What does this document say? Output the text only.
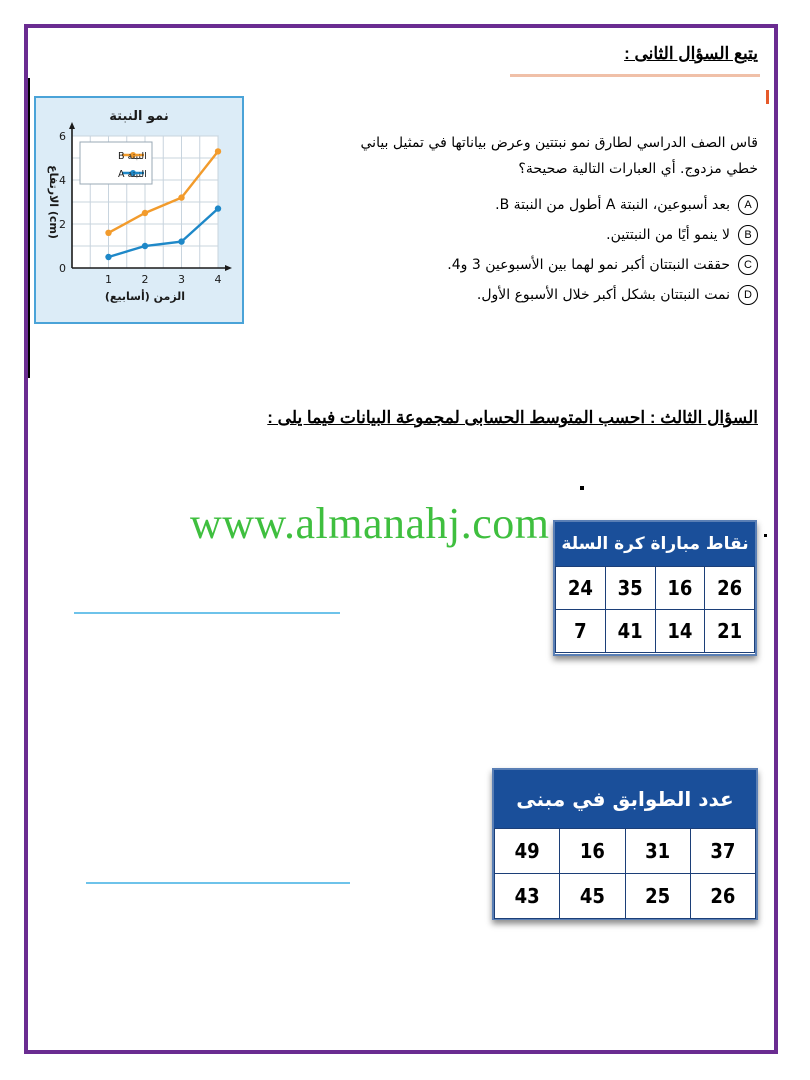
يتبع السؤال الثانى :
نمو النبتة
1	2	3	4
0
2
4
6
الزمن (أسابيع)
الارتفاع (cm)
النبتة B
النبتة A
قاس الصف الدراسي لطارق نمو نبتتين وعرض بياناتها في تمثيل بياني خطي مزدوج. أي العبارات التالية صحيحة؟
A
بعد أسبوعين، النبتة A أطول من النبتة B.
B
لا ينمو أيًا من النبتتين.
C
حققت النبتتان أكبر نمو لهما بين الأسبوعين 3 و4.
D
نمت النبتتان بشكل أكبر خلال الأسبوع الأول.
السؤال الثالث : احسب المتوسط الحسابى لمجموعة البيانات فيما يلى :
نقاط مباراة كرة السلة
24	35	16	26
7	41	14	21
www.almanahj.com
عدد الطوابق في مبنى
49	16	31	37
43	45	25	26
